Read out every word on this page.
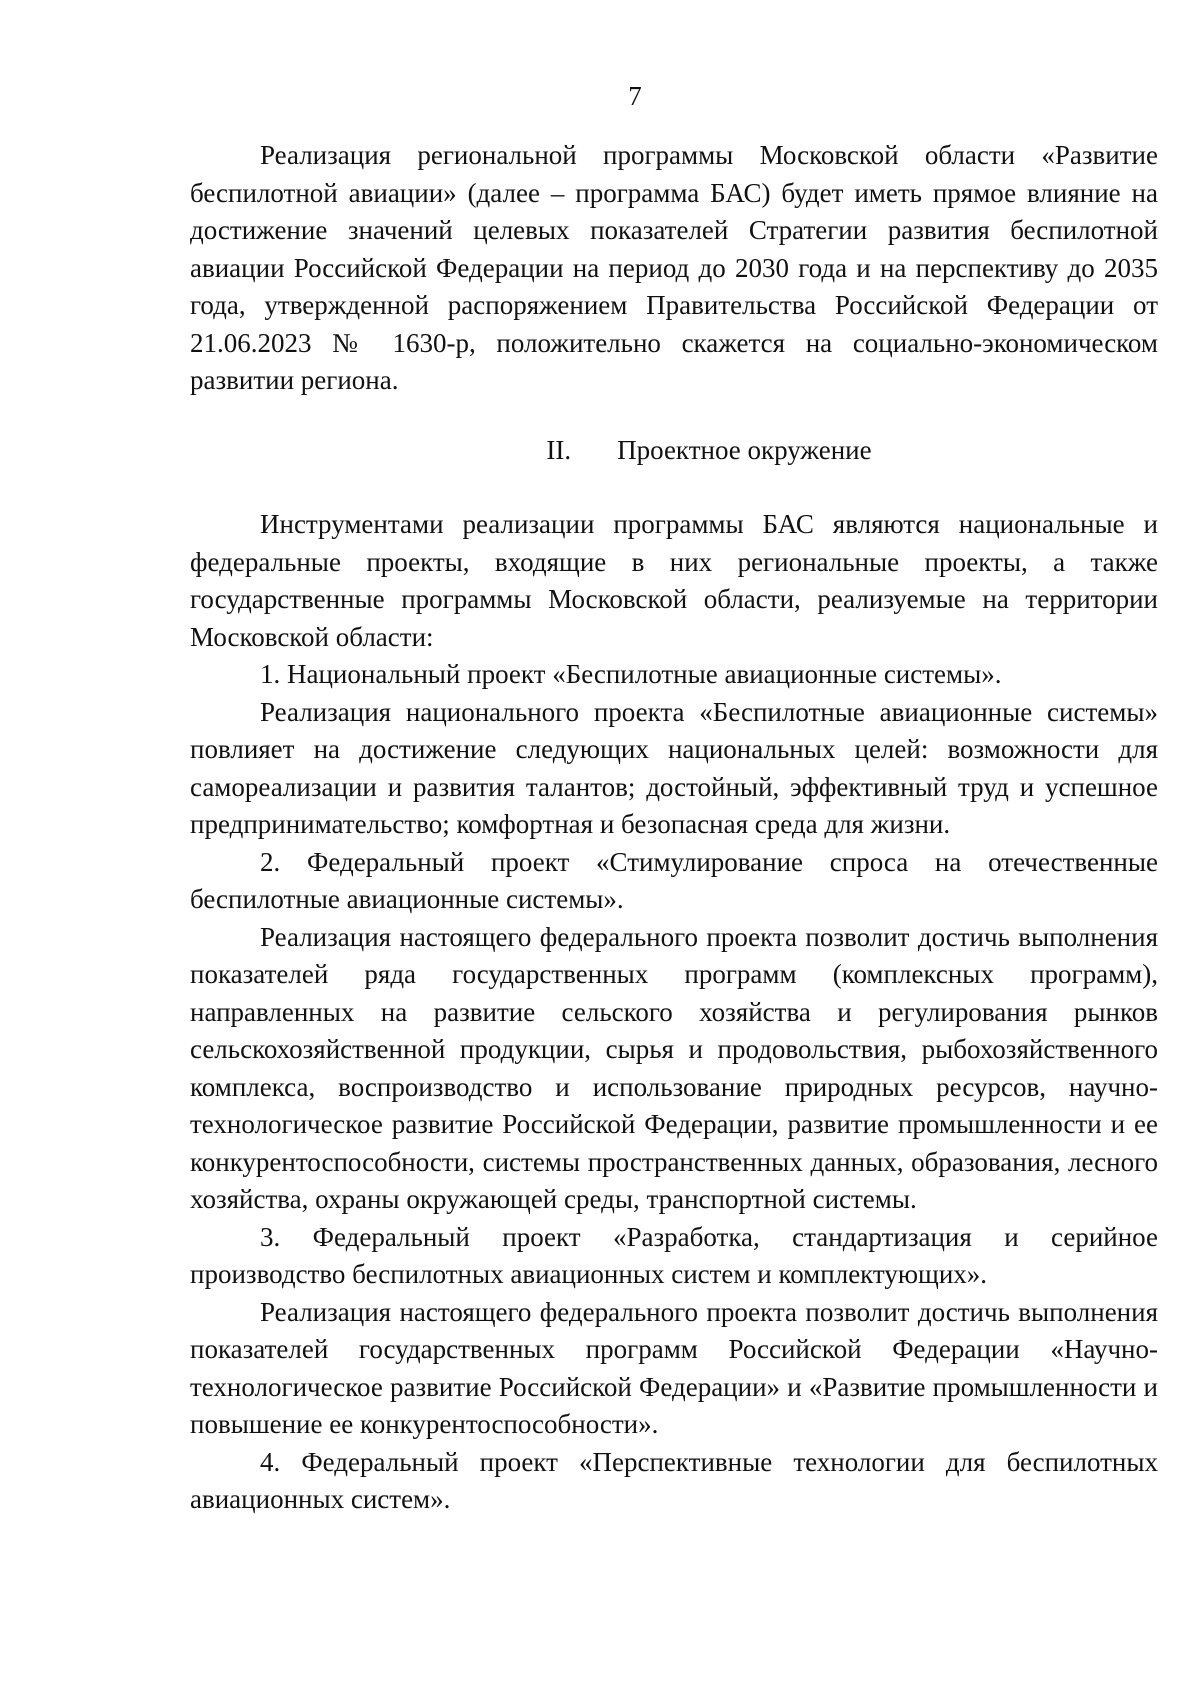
7

Реализация региональной программы Московской области «Развитие беспилотной авиации» (далее – программа БАС) будет иметь прямое влияние на достижение значений целевых показателей Стратегии развития беспилотной авиации Российской Федерации на период до 2030 года и на перспективу до 2035 года, утвержденной распоряжением Правительства Российской Федерации от 21.06.2023 № 1630-р, положительно скажется на социально-экономическом развитии региона.

II. Проектное окружение

Инструментами реализации программы БАС являются национальные и федеральные проекты, входящие в них региональные проекты, а также государственные программы Московской области, реализуемые на территории Московской области:

1. Национальный проект «Беспилотные авиационные системы».

Реализация национального проекта «Беспилотные авиационные системы» повлияет на достижение следующих национальных целей: возможности для самореализации и развития талантов; достойный, эффективный труд и успешное предпринимательство; комфортная и безопасная среда для жизни.

2. Федеральный проект «Стимулирование спроса на отечественные беспилотные авиационные системы».

Реализация настоящего федерального проекта позволит достичь выполнения показателей ряда государственных программ (комплексных программ), направленных на развитие сельского хозяйства и регулирования рынков сельскохозяйственной продукции, сырья и продовольствия, рыбохозяйственного комплекса, воспроизводство и использование природных ресурсов, научно-технологическое развитие Российской Федерации, развитие промышленности и ее конкурентоспособности, системы пространственных данных, образования, лесного хозяйства, охраны окружающей среды, транспортной системы.

3. Федеральный проект «Разработка, стандартизация и серийное производство беспилотных авиационных систем и комплектующих».

Реализация настоящего федерального проекта позволит достичь выполнения показателей государственных программ Российской Федерации «Научно-технологическое развитие Российской Федерации» и «Развитие промышленности и повышение ее конкурентоспособности».

4. Федеральный проект «Перспективные технологии для беспилотных авиационных систем».
